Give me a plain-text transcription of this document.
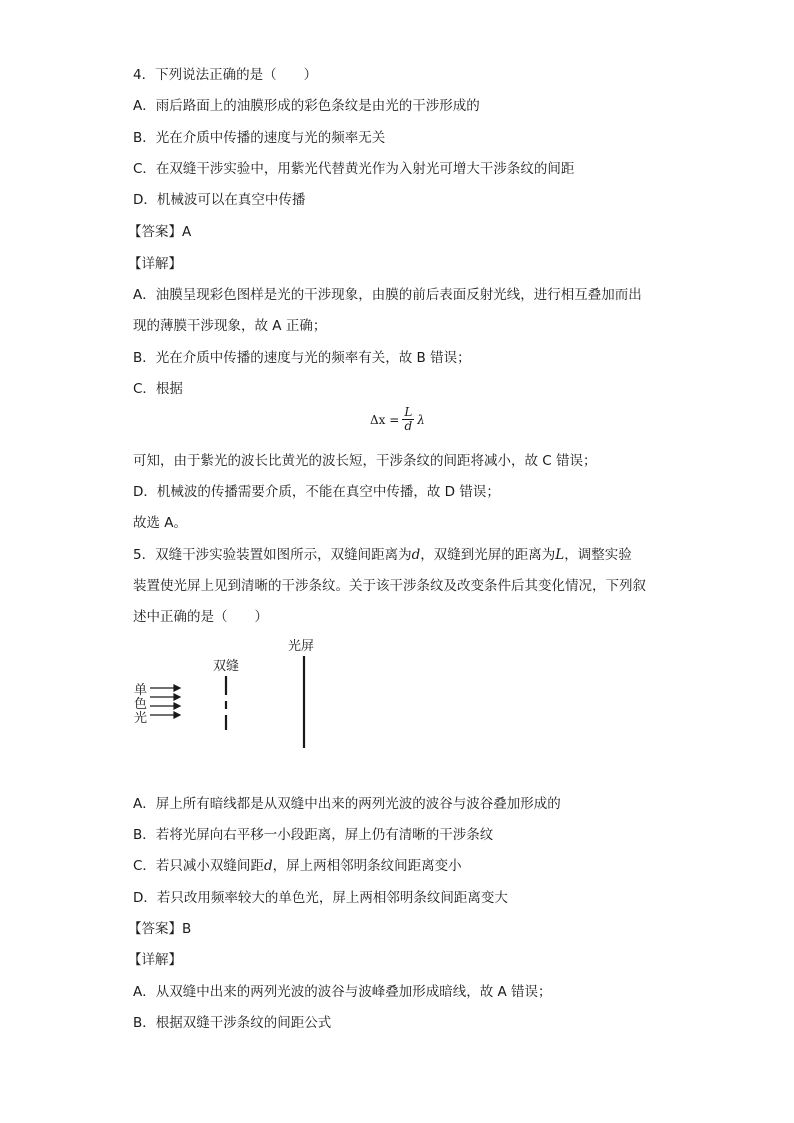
4．下列说法正确的是（　　）
A．雨后路面上的油膜形成的彩色条纹是由光的干涉形成的
B．光在介质中传播的速度与光的频率无关
C．在双缝干涉实验中，用紫光代替黄光作为入射光可增大干涉条纹的间距
D．机械波可以在真空中传播
【答案】A
【详解】
A．油膜呈现彩色图样是光的干涉现象，由膜的前后表面反射光线，进行相互叠加而出
现的薄膜干涉现象，故 A 正确；
B．光在介质中传播的速度与光的频率有关，故 B 错误；
C．根据
$\Delta x = \frac{L}{d}$ λ
可知，由于紫光的波长比黄光的波长短，干涉条纹的间距将减小，故 C 错误；
D．机械波的传播需要介质，不能在真空中传播，故 D 错误；
故选 A。
5．双缝干涉实验装置如图所示，双缝间距离为d，双缝到光屏的距离为L，调整实验
装置使光屏上见到清晰的干涉条纹。关于该干涉条纹及改变条件后其变化情况，下列叙
述中正确的是（　　）
光屏
双缝
单
色
光
A．屏上所有暗线都是从双缝中出来的两列光波的波谷与波谷叠加形成的
B．若将光屏向右平移一小段距离，屏上仍有清晰的干涉条纹
C．若只减小双缝间距d，屏上两相邻明条纹间距离变小
D．若只改用频率较大的单色光，屏上两相邻明条纹间距离变大
【答案】B
【详解】
A．从双缝中出来的两列光波的波谷与波峰叠加形成暗线，故 A 错误；
B．根据双缝干涉条纹的间距公式
